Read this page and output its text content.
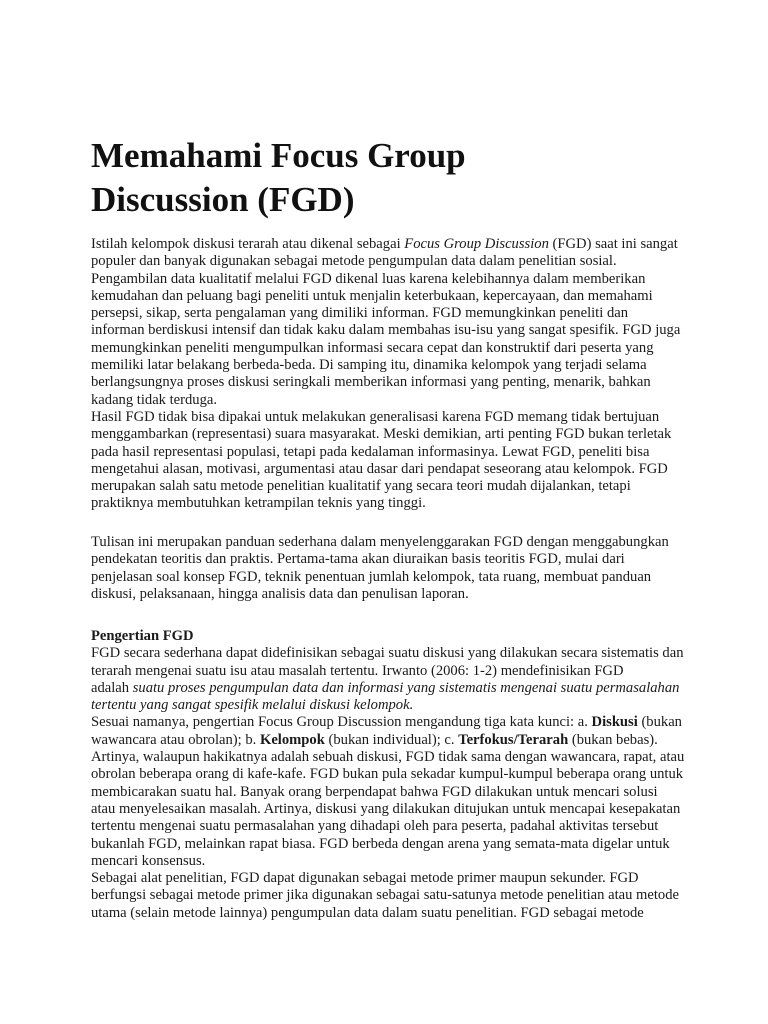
Memahami Focus Group
Discussion (FGD)
Istilah kelompok diskusi terarah atau dikenal sebagai Focus Group Discussion (FGD) saat ini sangat
populer dan banyak digunakan sebagai metode pengumpulan data dalam penelitian sosial.
Pengambilan data kualitatif melalui FGD dikenal luas karena kelebihannya dalam memberikan
kemudahan dan peluang bagi peneliti untuk menjalin keterbukaan, kepercayaan, dan memahami
persepsi, sikap, serta pengalaman yang dimiliki informan. FGD memungkinkan peneliti dan
informan berdiskusi intensif dan tidak kaku dalam membahas isu-isu yang sangat spesifik. FGD juga
memungkinkan peneliti mengumpulkan informasi secara cepat dan konstruktif dari peserta yang
memiliki latar belakang berbeda-beda. Di samping itu, dinamika kelompok yang terjadi selama
berlangsungnya proses diskusi seringkali memberikan informasi yang penting, menarik, bahkan
kadang tidak terduga.
Hasil FGD tidak bisa dipakai untuk melakukan generalisasi karena FGD memang tidak bertujuan
menggambarkan (representasi) suara masyarakat. Meski demikian, arti penting FGD bukan terletak
pada hasil representasi populasi, tetapi pada kedalaman informasinya. Lewat FGD, peneliti bisa
mengetahui alasan, motivasi, argumentasi atau dasar dari pendapat seseorang atau kelompok. FGD
merupakan salah satu metode penelitian kualitatif yang secara teori mudah dijalankan, tetapi
praktiknya membutuhkan ketrampilan teknis yang tinggi.
Tulisan ini merupakan panduan sederhana dalam menyelenggarakan FGD dengan menggabungkan
pendekatan teoritis dan praktis. Pertama-tama akan diuraikan basis teoritis FGD, mulai dari
penjelasan soal konsep FGD, teknik penentuan jumlah kelompok, tata ruang, membuat panduan
diskusi, pelaksanaan, hingga analisis data dan penulisan laporan.
Pengertian FGD
FGD secara sederhana dapat didefinisikan sebagai suatu diskusi yang dilakukan secara sistematis dan
terarah mengenai suatu isu atau masalah tertentu. Irwanto (2006: 1-2) mendefinisikan FGD
adalah suatu proses pengumpulan data dan informasi yang sistematis mengenai suatu permasalahan
tertentu yang sangat spesifik melalui diskusi kelompok.
Sesuai namanya, pengertian Focus Group Discussion mengandung tiga kata kunci: a. Diskusi (bukan
wawancara atau obrolan); b. Kelompok (bukan individual); c. Terfokus/Terarah (bukan bebas).
Artinya, walaupun hakikatnya adalah sebuah diskusi, FGD tidak sama dengan wawancara, rapat, atau
obrolan beberapa orang di kafe-kafe. FGD bukan pula sekadar kumpul-kumpul beberapa orang untuk
membicarakan suatu hal. Banyak orang berpendapat bahwa FGD dilakukan untuk mencari solusi
atau menyelesaikan masalah. Artinya, diskusi yang dilakukan ditujukan untuk mencapai kesepakatan
tertentu mengenai suatu permasalahan yang dihadapi oleh para peserta, padahal aktivitas tersebut
bukanlah FGD, melainkan rapat biasa. FGD berbeda dengan arena yang semata-mata digelar untuk
mencari konsensus.
Sebagai alat penelitian, FGD dapat digunakan sebagai metode primer maupun sekunder. FGD
berfungsi sebagai metode primer jika digunakan sebagai satu-satunya metode penelitian atau metode
utama (selain metode lainnya) pengumpulan data dalam suatu penelitian. FGD sebagai metode
